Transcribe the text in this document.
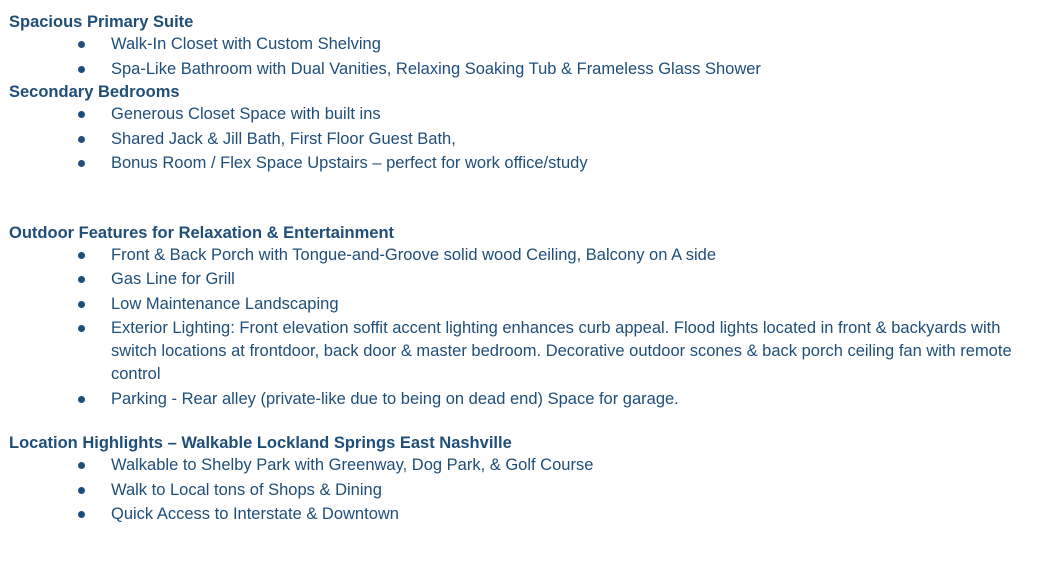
Spacious Primary Suite
Walk-In Closet with Custom Shelving
Spa-Like Bathroom with Dual Vanities, Relaxing Soaking Tub & Frameless Glass Shower
Secondary Bedrooms
Generous Closet Space with built ins
Shared Jack & Jill Bath, First Floor Guest Bath,
Bonus Room / Flex Space Upstairs – perfect for work office/study
Outdoor Features for Relaxation & Entertainment
Front & Back Porch with Tongue-and-Groove solid wood Ceiling, Balcony on A side
Gas Line for Grill
Low Maintenance Landscaping
Exterior Lighting: Front elevation soffit accent lighting enhances curb appeal. Flood lights located in front & backyards with switch locations at frontdoor, back door & master bedroom. Decorative outdoor scones & back porch ceiling fan with remote control
Parking - Rear alley (private-like due to being on dead end) Space for garage.
Location Highlights – Walkable Lockland Springs East Nashville
Walkable to Shelby Park with Greenway, Dog Park, & Golf Course
Walk to Local tons of Shops & Dining
Quick Access to Interstate & Downtown
